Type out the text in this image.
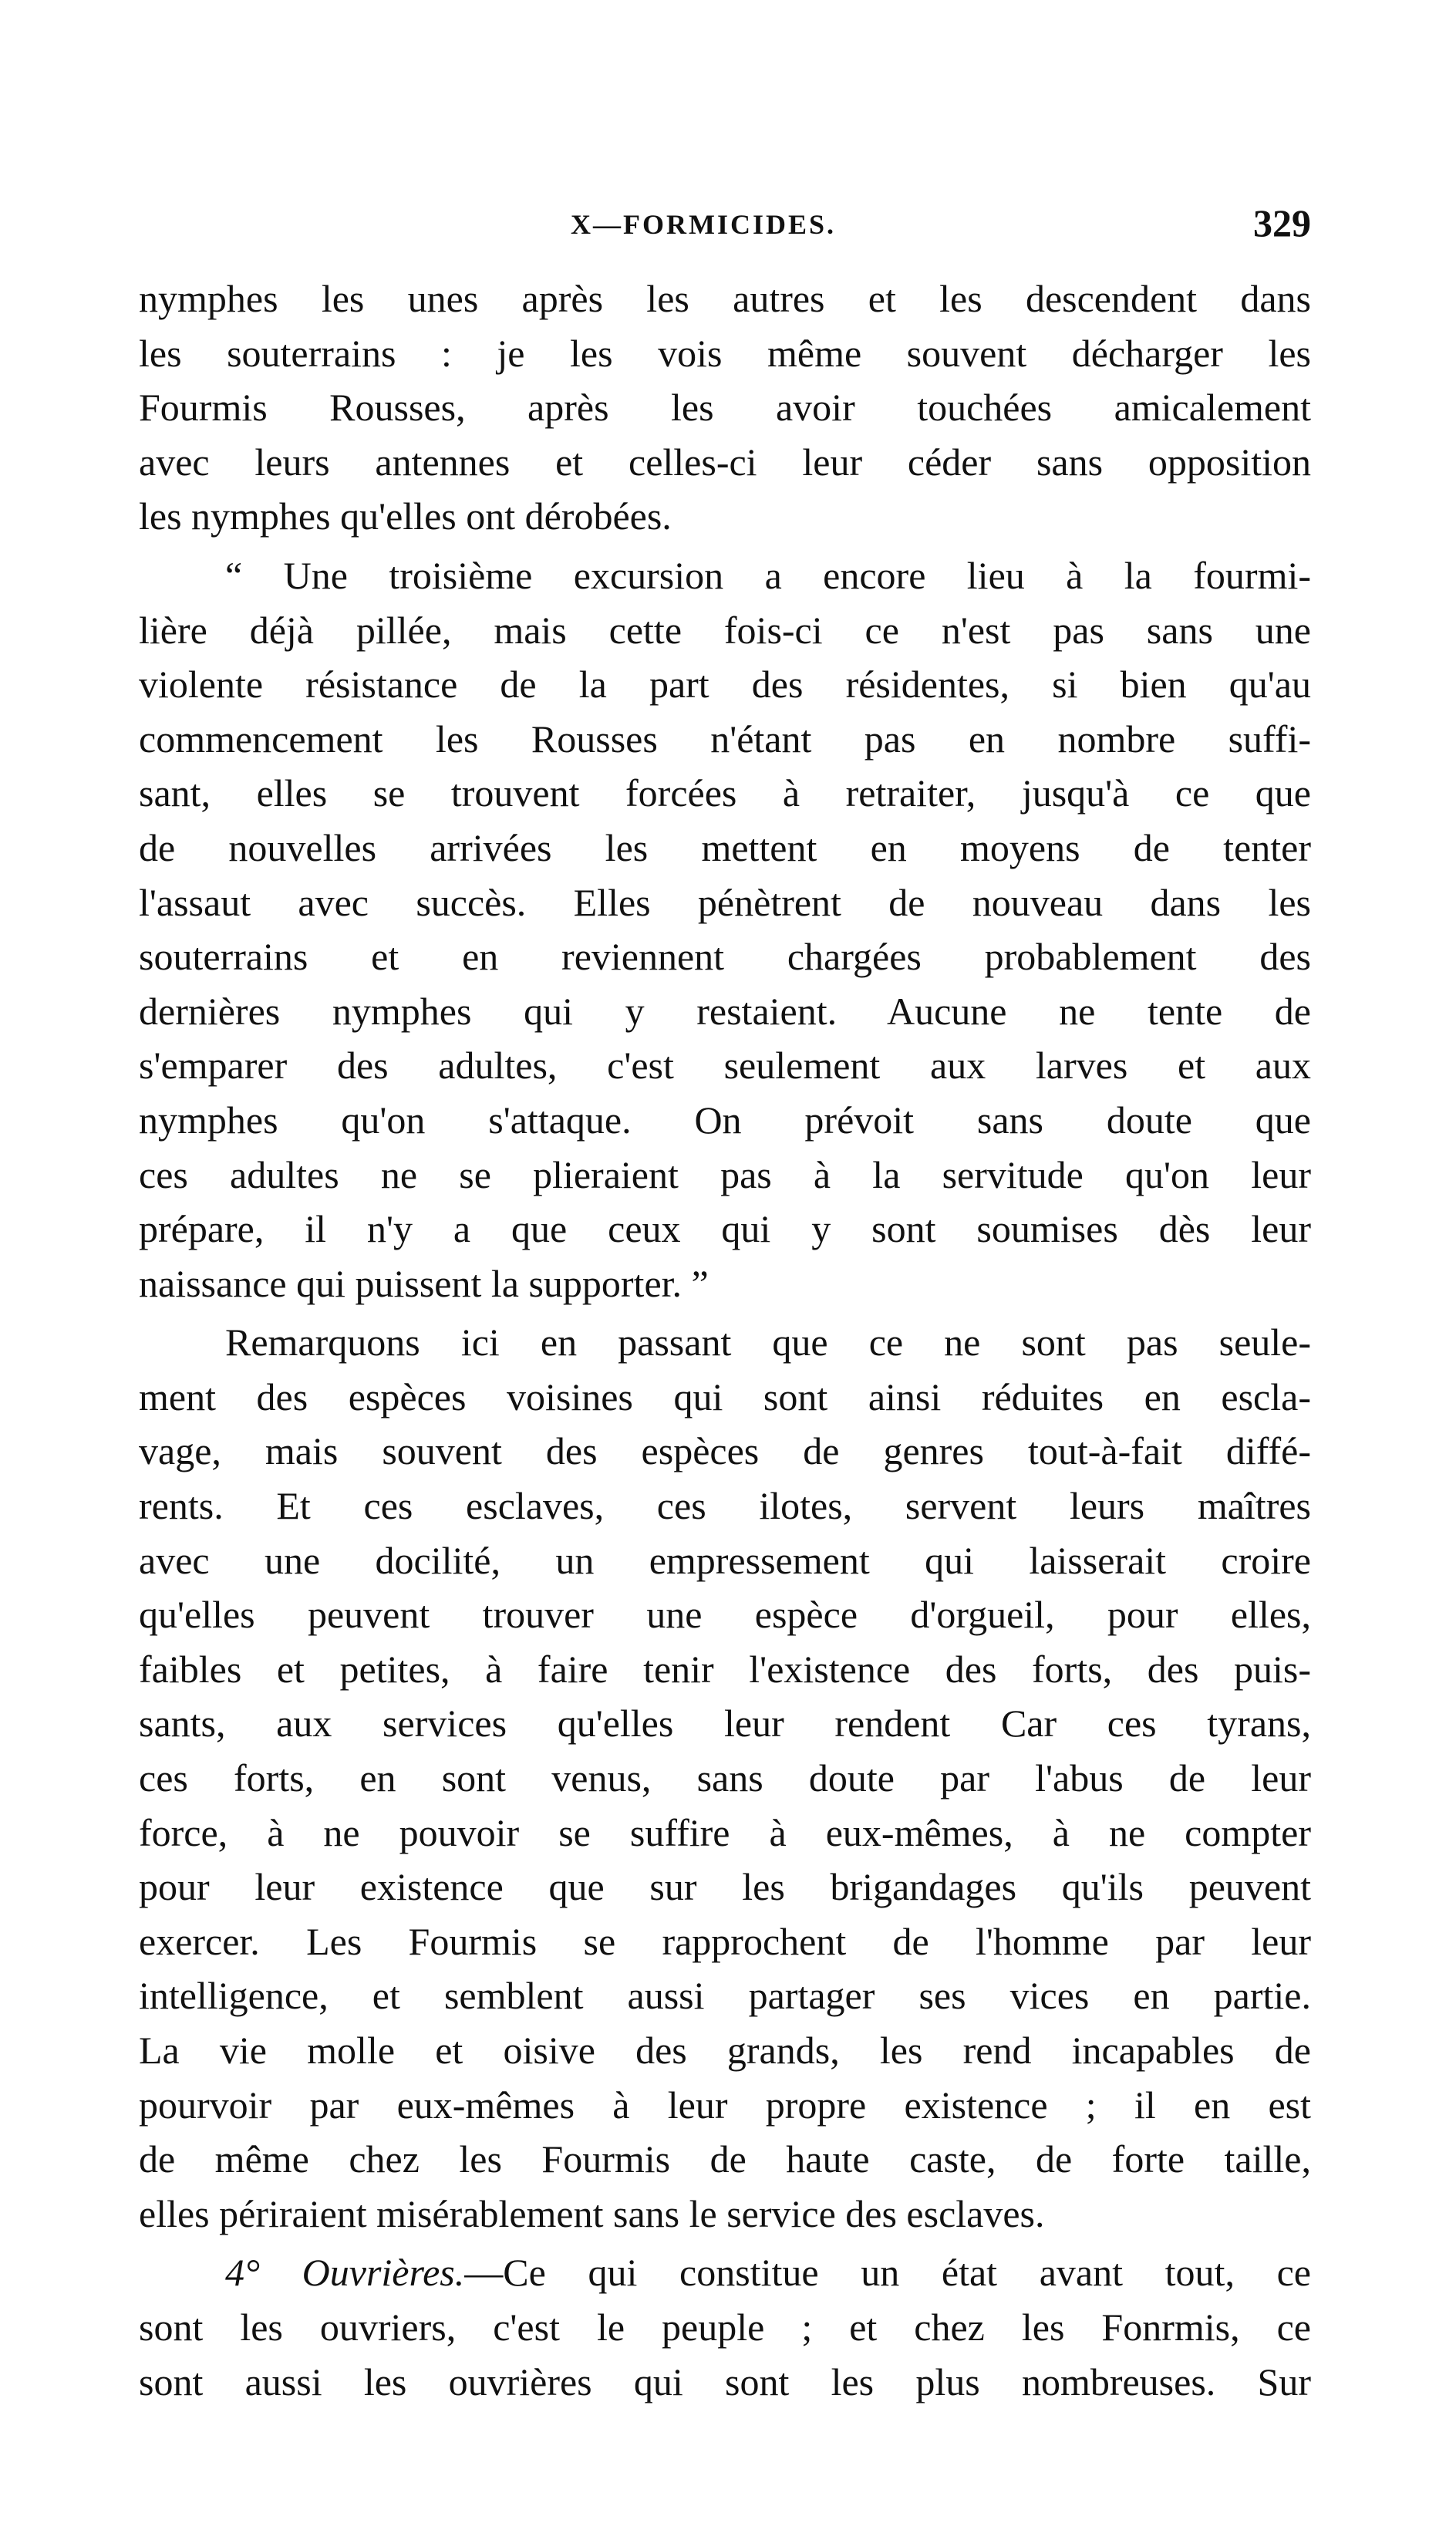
X—FORMICIDES.	329
nymphes les unes après les autres et les descendent dans
les souterrains : je les vois même souvent décharger les
Fourmis Rousses, après les avoir touchées amicalement
avec leurs antennes et celles-ci leur céder sans opposition
les nymphes qu'elles ont dérobées.
“ Une troisième excursion a encore lieu à la fourmi-
lière déjà pillée, mais cette fois-ci ce n'est pas sans une
violente résistance de la part des résidentes, si bien qu'au
commencement les Rousses n'étant pas en nombre suffi-
sant, elles se trouvent forcées à retraiter, jusqu'à ce que
de nouvelles arrivées les mettent en moyens de tenter
l'assaut avec succès. Elles pénètrent de nouveau dans les
souterrains et en reviennent chargées probablement des
dernières nymphes qui y restaient. Aucune ne tente de
s'emparer des adultes, c'est seulement aux larves et aux
nymphes qu'on s'attaque. On prévoit sans doute que
ces adultes ne se plieraient pas à la servitude qu'on leur
prépare, il n'y a que ceux qui y sont soumises dès leur
naissance qui puissent la supporter. ”
Remarquons ici en passant que ce ne sont pas seule-
ment des espèces voisines qui sont ainsi réduites en escla-
vage, mais souvent des espèces de genres tout-à-fait diffé-
rents. Et ces esclaves, ces ilotes, servent leurs maîtres
avec une docilité, un empressement qui laisserait croire
qu'elles peuvent trouver une espèce d'orgueil, pour elles,
faibles et petites, à faire tenir l'existence des forts, des puis-
sants, aux services qu'elles leur rendent Car ces tyrans,
ces forts, en sont venus, sans doute par l'abus de leur
force, à ne pouvoir se suffire à eux-mêmes, à ne compter
pour leur existence que sur les brigandages qu'ils peuvent
exercer. Les Fourmis se rapprochent de l'homme par leur
intelligence, et semblent aussi partager ses vices en partie.
La vie molle et oisive des grands, les rend incapables de
pourvoir par eux-mêmes à leur propre existence ; il en est
de même chez les Fourmis de haute caste, de forte taille,
elles périraient misérablement sans le service des esclaves.
4° Ouvrières.—Ce qui constitue un état avant tout, ce
sont les ouvriers, c'est le peuple ; et chez les Fonrmis, ce
sont aussi les ouvrières qui sont les plus nombreuses. Sur
